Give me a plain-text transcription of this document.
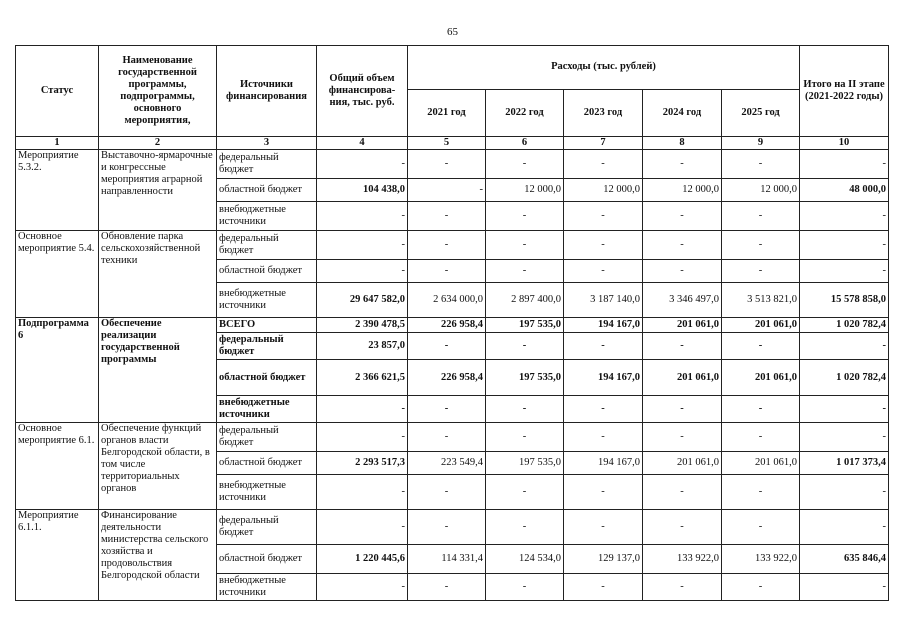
65
Статус	Наименование государственной программы, подпрограммы, основного мероприятия,	Источники финансирования	Общий объем финансирова-ния, тыс. руб.	Расходы (тыс. рублей)					Итого на II этапе (2021-2022 годы)
				2021 год	2022 год	2023 год	2024 год	2025 год	
1	2	3	4	5	6	7	8	9	10
Мероприятие 5.3.2.	Выставочно-ярмарочные и конгрессные мероприятия аграрной направленности	федеральный бюджет	-	-	-	-	-	-	-
		областной бюджет	104 438,0	-	12 000,0	12 000,0	12 000,0	12 000,0	48 000,0
		внебюджетные источники	-	-	-	-	-	-	-
Основное мероприятие 5.4.	Обновление парка сельскохозяйственной техники	федеральный бюджет	-	-	-	-	-	-	-
		областной бюджет	-	-	-	-	-	-	-
		внебюджетные источники	29 647 582,0	2 634 000,0	2 897 400,0	3 187 140,0	3 346 497,0	3 513 821,0	15 578 858,0
Подпрограмма 6	Обеспечение реализации государственной программы	ВСЕГО	2 390 478,5	226 958,4	197 535,0	194 167,0	201 061,0	201 061,0	1 020 782,4
		федеральный бюджет	23 857,0	-	-	-	-	-	-
		областной бюджет	2 366 621,5	226 958,4	197 535,0	194 167,0	201 061,0	201 061,0	1 020 782,4
		внебюджетные источники	-	-	-	-	-	-	-
Основное мероприятие 6.1.	Обеспечение функций органов власти Белгородской области, в том числе территориальных органов	федеральный бюджет	-	-	-	-	-	-	-
		областной бюджет	2 293 517,3	223 549,4	197 535,0	194 167,0	201 061,0	201 061,0	1 017 373,4
		внебюджетные источники	-	-	-	-	-	-	-
Мероприятие 6.1.1.	Финансирование деятельности министерства сельского хозяйства и продовольствия Белгородской области	федеральный бюджет	-	-	-	-	-	-	-
		областной бюджет	1 220 445,6	114 331,4	124 534,0	129 137,0	133 922,0	133 922,0	635 846,4
		внебюджетные источники	-	-	-	-	-	-	-
